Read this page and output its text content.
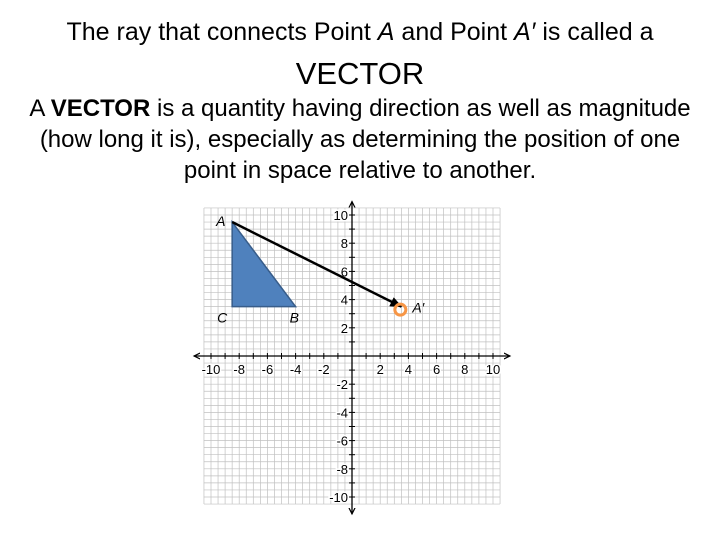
The ray that connects Point A and Point A′ is called a
VECTOR
A VECTOR is a quantity having direction as well as magnitude (how long it is), especially as determining the position of one point in space relative to another.
-10 -8 -6 -4 -2	2 4 6 8 10
10
8
6
4
2
-2
-4
-6
-8
-10
A
B
C
A′
